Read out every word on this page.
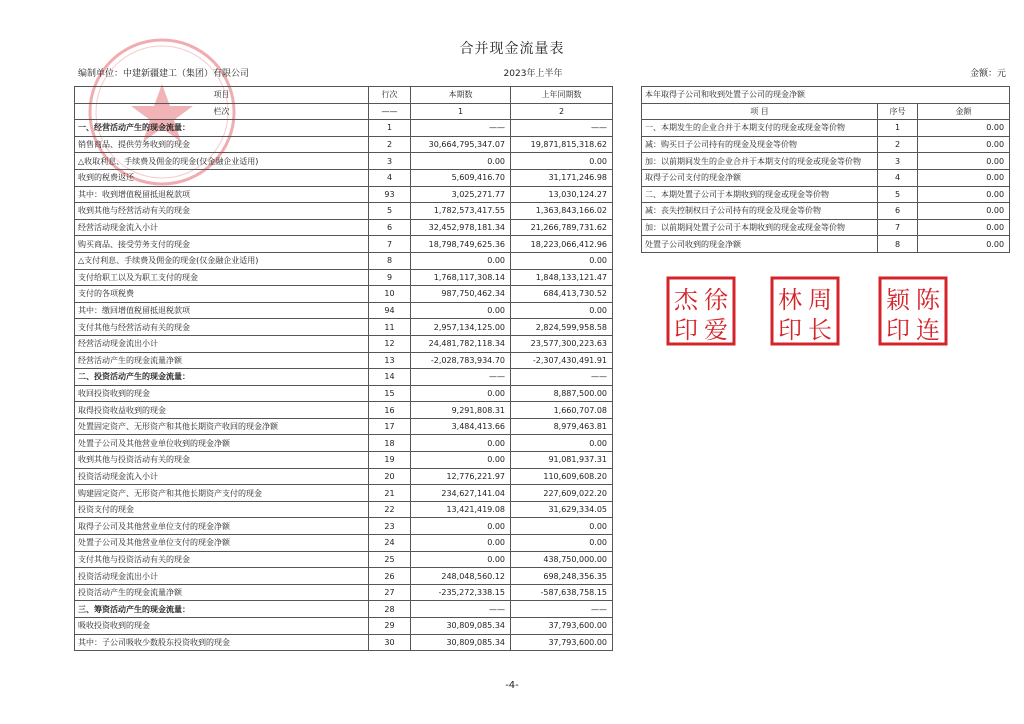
合并现金流量表
编制单位：中建新疆建工（集团）有限公司	2023年上半年	金额：元
项目	行次	本期数	上年同期数
栏次	——	1	2
一、经营活动产生的现金流量：	1	——	——
销售商品、提供劳务收到的现金	2	30,664,795,347.07	19,871,815,318.62
△收取利息、手续费及佣金的现金(仅金融企业适用)	3	0.00	0.00
收到的税费返还	4	5,609,416.70	31,171,246.98
其中：收到增值税留抵退税款项	93	3,025,271.77	13,030,124.27
收到其他与经营活动有关的现金	5	1,782,573,417.55	1,363,843,166.02
经营活动现金流入小计	6	32,452,978,181.34	21,266,789,731.62
购买商品、接受劳务支付的现金	7	18,798,749,625.36	18,223,066,412.96
△支付利息、手续费及佣金的现金(仅金融企业适用)	8	0.00	0.00
支付给职工以及为职工支付的现金	9	1,768,117,308.14	1,848,133,121.47
支付的各项税费	10	987,750,462.34	684,413,730.52
其中：缴回增值税留抵退税款项	94	0.00	0.00
支付其他与经营活动有关的现金	11	2,957,134,125.00	2,824,599,958.58
经营活动现金流出小计	12	24,481,782,118.34	23,577,300,223.63
经营活动产生的现金流量净额	13	-2,028,783,934.70	-2,307,430,491.91
二、投资活动产生的现金流量：	14	——	——
收回投资收到的现金	15	0.00	8,887,500.00
取得投资收益收到的现金	16	9,291,808.31	1,660,707.08
处置固定资产、无形资产和其他长期资产收回的现金净额	17	3,484,413.66	8,979,463.81
处置子公司及其他营业单位收到的现金净额	18	0.00	0.00
收到其他与投资活动有关的现金	19	0.00	91,081,937.31
投资活动现金流入小计	20	12,776,221.97	110,609,608.20
购建固定资产、无形资产和其他长期资产支付的现金	21	234,627,141.04	227,609,022.20
投资支付的现金	22	13,421,419.08	31,629,334.05
取得子公司及其他营业单位支付的现金净额	23	0.00	0.00
处置子公司及其他营业单位支付的现金净额	24	0.00	0.00
支付其他与投资活动有关的现金	25	0.00	438,750,000.00
投资活动现金流出小计	26	248,048,560.12	698,248,356.35
投资活动产生的现金流量净额	27	-235,272,338.15	-587,638,758.15
三、筹资活动产生的现金流量：	28	——	——
吸收投资收到的现金	29	30,809,085.34	37,793,600.00
其中：子公司吸收少数股东投资收到的现金	30	30,809,085.34	37,793,600.00
本年取得子公司和收到处置子公司的现金净额		
项 目	序号	金额
一、本期发生的企业合并于本期支付的现金或现金等价物	1	0.00
减：购买日子公司持有的现金及现金等价物	2	0.00
加：以前期间发生的企业合并于本期支付的现金或现金等价物	3	0.00
取得子公司支付的现金净额	4	0.00
二、本期处置子公司于本期收到的现金或现金等价物	5	0.00
减：丧失控制权日子公司持有的现金及现金等价物	6	0.00
加：以前期间处置子公司于本期收到的现金或现金等价物	7	0.00
处置子公司收到的现金净额	8	0.00
徐
杰
爱
印
周
林
长
印
陈
颖
连
印
-4-
